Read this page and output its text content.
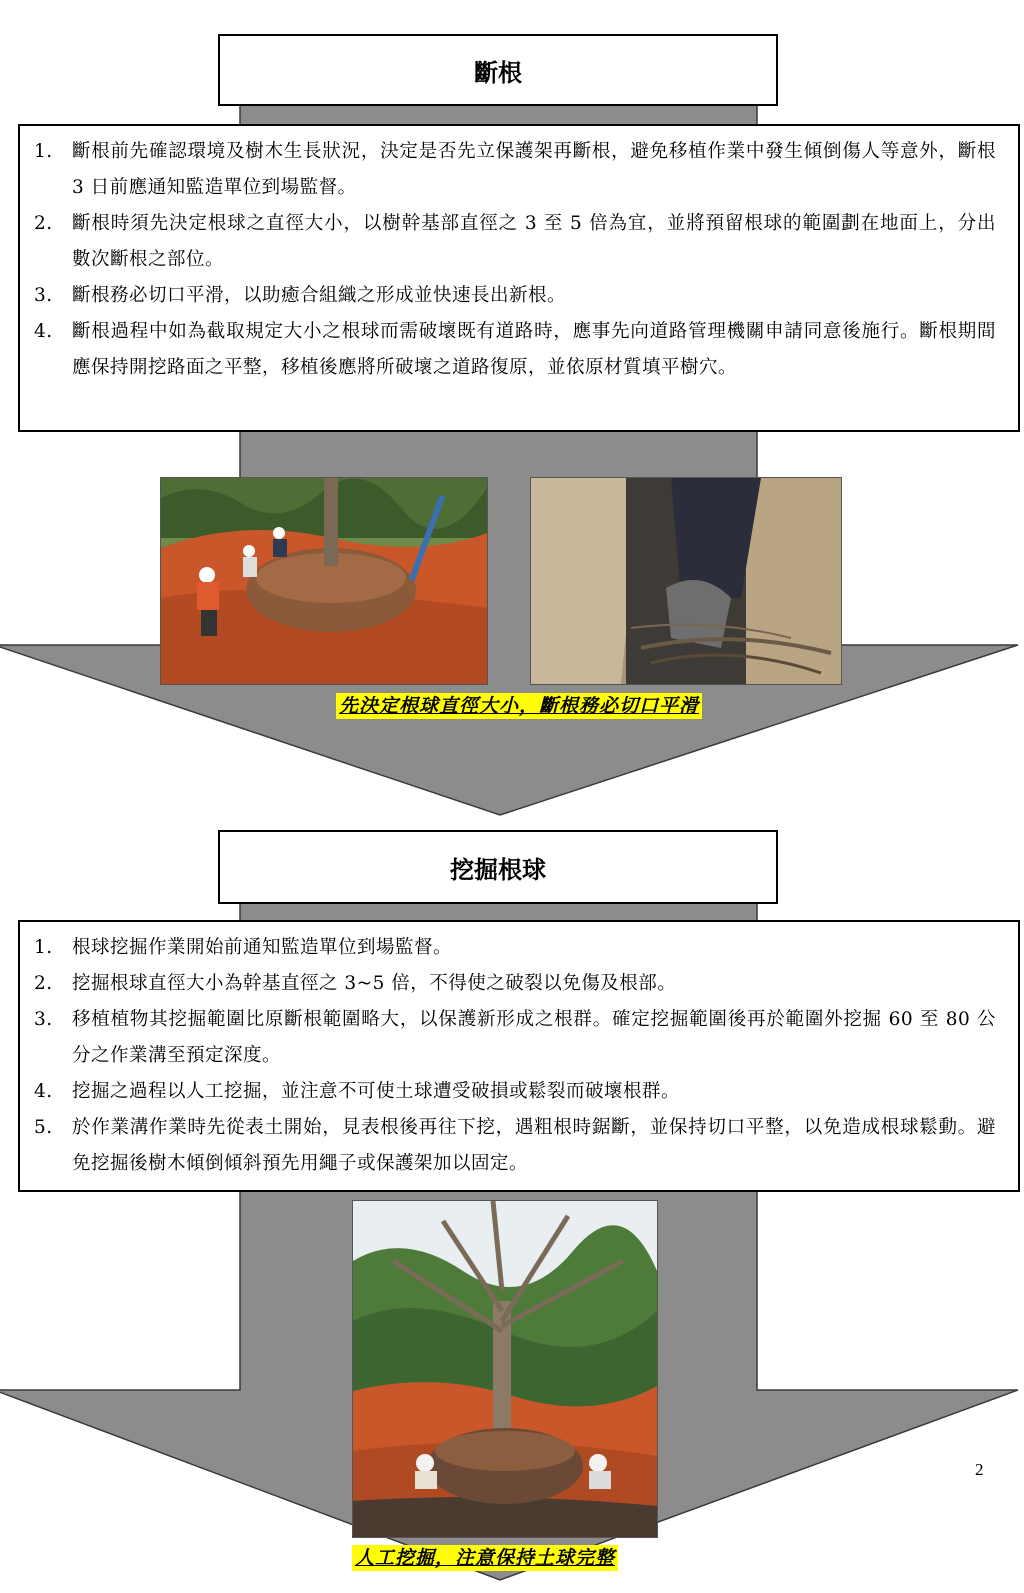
斷根
1.	斷根前先確認環境及樹木生長狀況，決定是否先立保護架再斷根，避免移植作業中發生傾倒傷人等意外，斷根 3 日前應通知監造單位到場監督。
2.	斷根時須先決定根球之直徑大小，以樹幹基部直徑之 3 至 5 倍為宜，並將預留根球的範圍劃在地面上，分出數次斷根之部位。
3.	斷根務必切口平滑，以助癒合組織之形成並快速長出新根。
4.	斷根過程中如為截取規定大小之根球而需破壞既有道路時，應事先向道路管理機關申請同意後施行。斷根期間應保持開挖路面之平整，移植後應將所破壞之道路復原，並依原材質填平樹穴。
先決定根球直徑大小，斷根務必切口平滑
挖掘根球
1.	根球挖掘作業開始前通知監造單位到場監督。
2.	挖掘根球直徑大小為幹基直徑之 3~5 倍，不得使之破裂以免傷及根部。
3.	移植植物其挖掘範圍比原斷根範圍略大，以保護新形成之根群。確定挖掘範圍後再於範圍外挖掘 60 至 80 公分之作業溝至預定深度。
4.	挖掘之過程以人工挖掘，並注意不可使土球遭受破損或鬆裂而破壞根群。
5.	於作業溝作業時先從表土開始，見表根後再往下挖，遇粗根時鋸斷，並保持切口平整，以免造成根球鬆動。避免挖掘後樹木傾倒傾斜預先用繩子或保護架加以固定。
人工挖掘，注意保持土球完整
2
